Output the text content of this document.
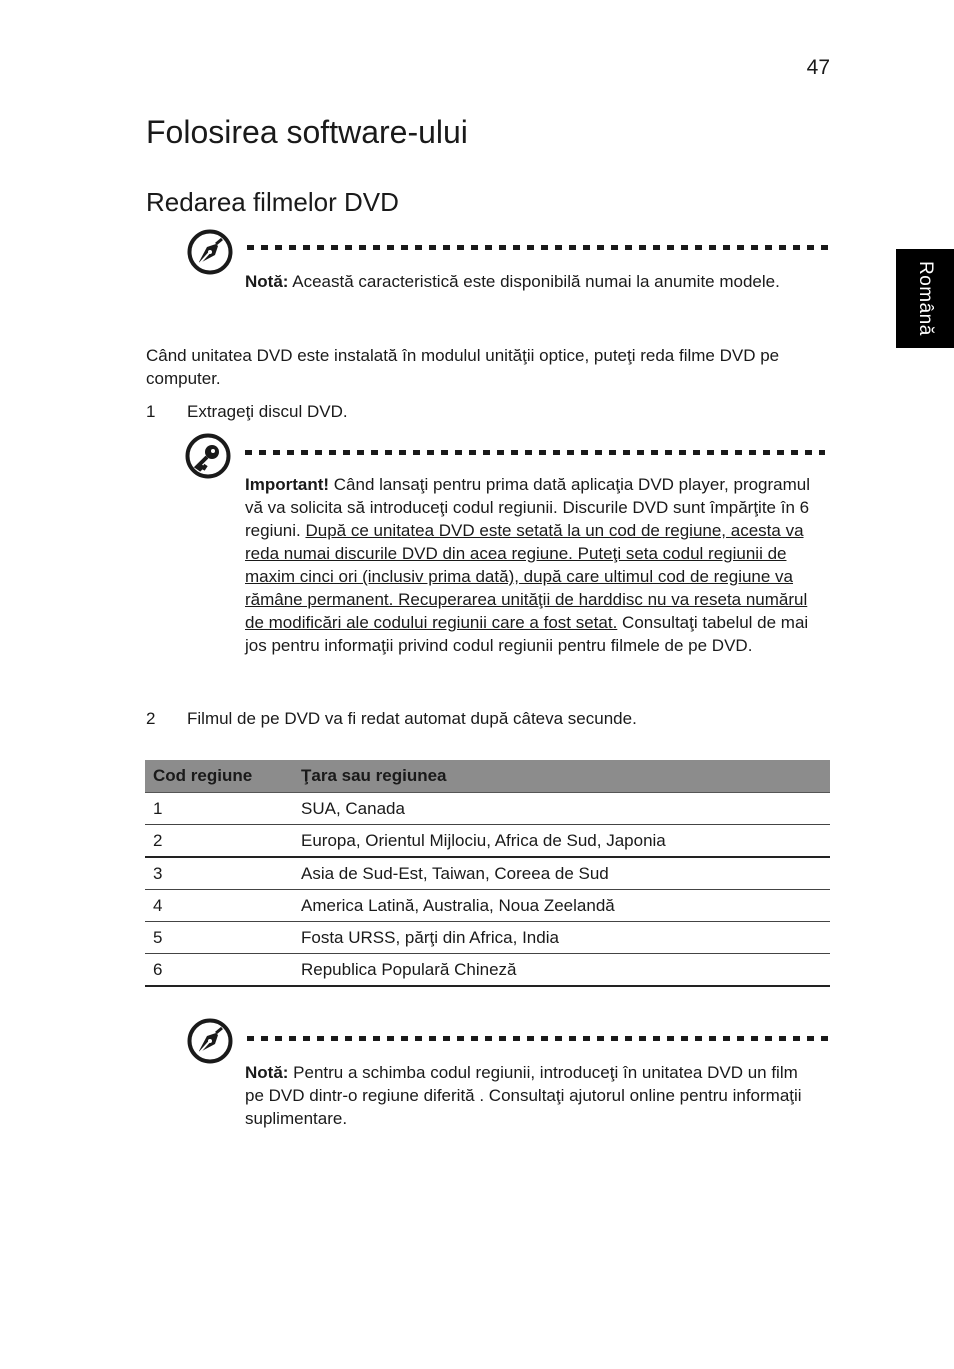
47
Folosirea software-ului
Redarea filmelor DVD
Română
Notă: Această caracteristică este disponibilă numai la anumite modele.
Când unitatea DVD este instalată în modulul unităţii optice, puteţi reda filme DVD pe computer.
1 Extrageţi discul DVD.
Important! Când lansaţi pentru prima dată aplicaţia DVD player, programul vă va solicita să introduceţi codul regiunii. Discurile DVD sunt împărţite în 6 regiuni. După ce unitatea DVD este setată la un cod de regiune, acesta va reda numai discurile DVD din acea regiune. Puteţi seta codul regiunii de maxim cinci ori (inclusiv prima dată), după care ultimul cod de regiune va rămâne permanent. Recuperarea unităţii de harddisc nu va reseta numărul de modificări ale codului regiunii care a fost setat. Consultaţi tabelul de mai jos pentru informaţii privind codul regiunii pentru filmele de pe DVD.
2 Filmul de pe DVD va fi redat automat după câteva secunde.
Cod regiune	Ţara sau regiunea
1	SUA, Canada
2	Europa, Orientul Mijlociu, Africa de Sud, Japonia
3	Asia de Sud-Est, Taiwan, Coreea de Sud
4	America Latină, Australia, Noua Zeelandă
5	Fosta URSS, părţi din Africa, India
6	Republica Populară Chineză
Notă: Pentru a schimba codul regiunii, introduceţi în unitatea DVD un film pe DVD dintr-o regiune diferită . Consultaţi ajutorul online pentru informaţii suplimentare.
